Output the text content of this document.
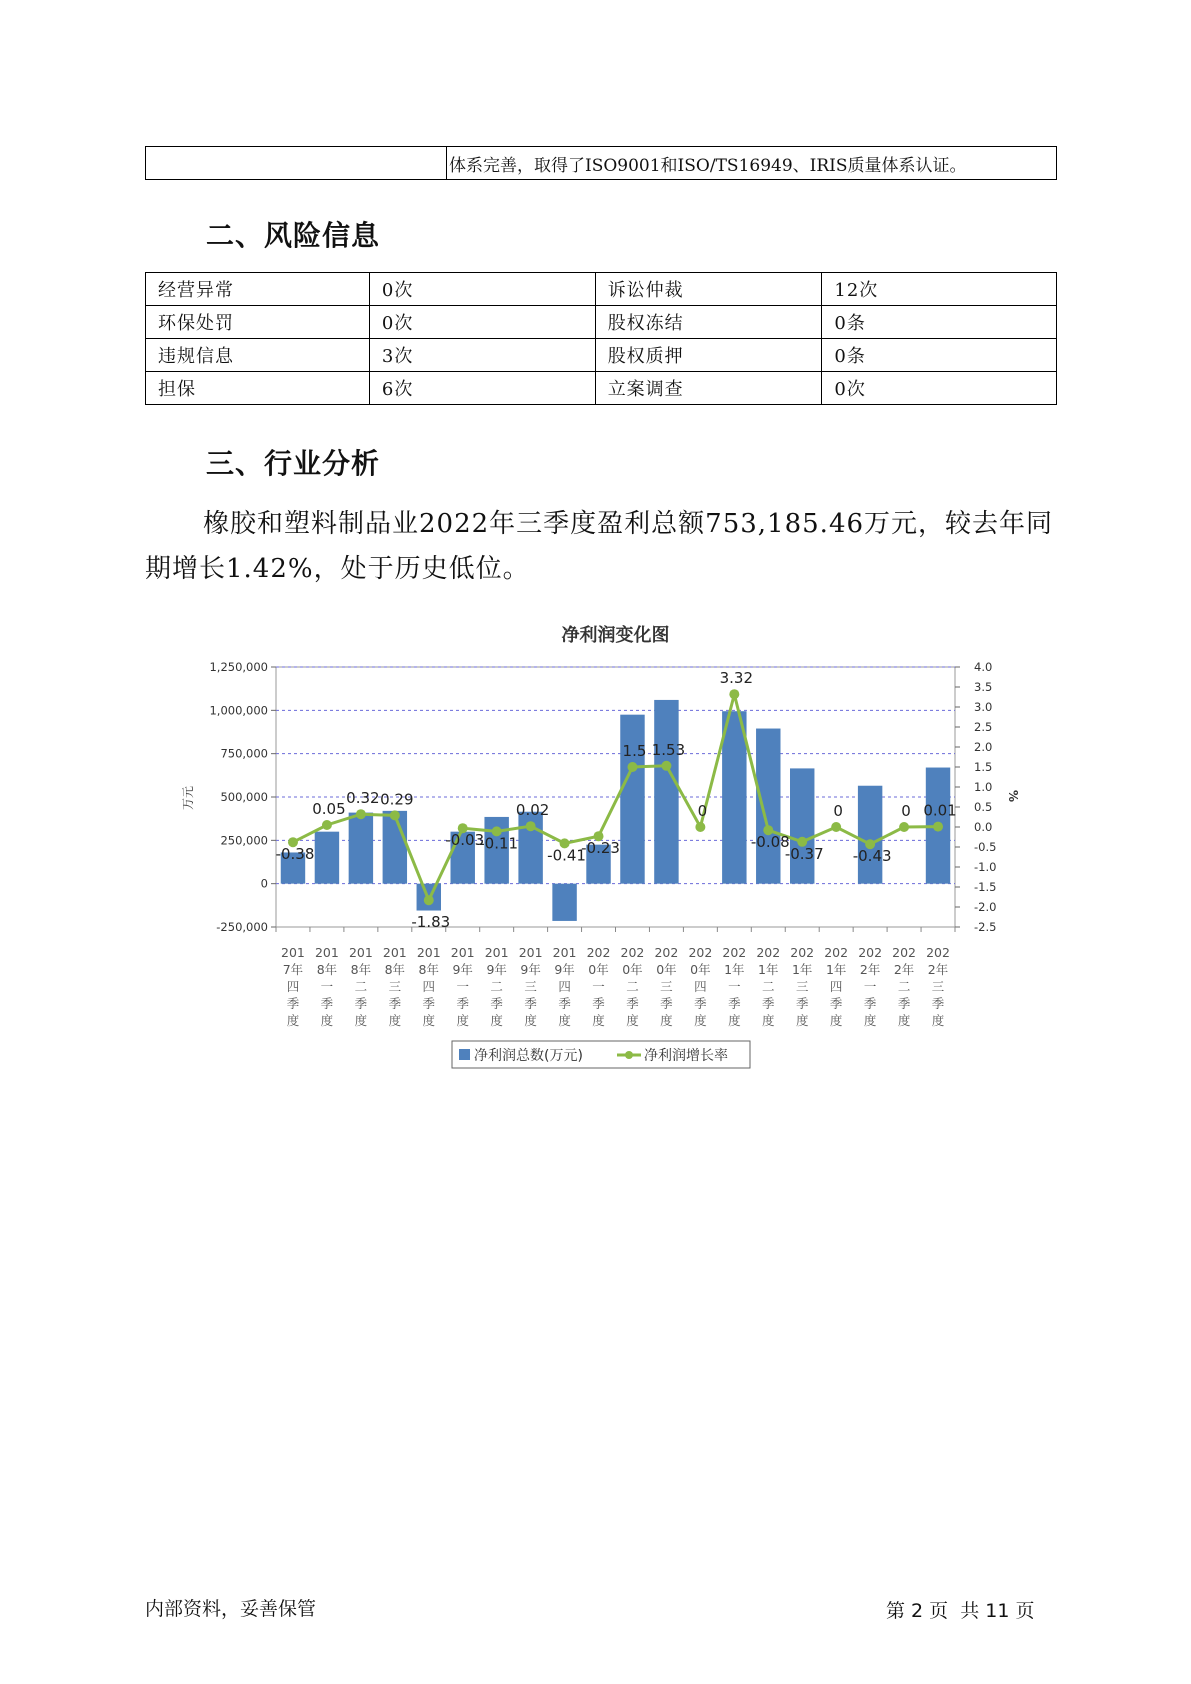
	体系完善，取得了ISO9001和ISO/TS16949、IRIS质量体系认证。
二、风险信息
经营异常	0次	诉讼仲裁	12次
环保处罚	0次	股权冻结	0条
违规信息	3次	股权质押	0条
担保	6次	立案调查	0次
三、行业分析
橡胶和塑料制品业2022年三季度盈利总额753,185.46万元，较去年同
期增长1.42%，处于历史低位。
净利润变化图
-250,000
0
250,000
500,000
750,000
1,000,000
1,250,000
万元
-2.5
-2.0
-1.5
-1.0
-0.5
0.0
0.5
1.0
1.5
2.0
2.5
3.0
3.5
4.0
%
201
7年
四
季
度
201
8年
一
季
度
201
8年
二
季
度
201
8年
三
季
度
201
8年
四
季
度
201
9年
一
季
度
201
9年
二
季
度
201
9年
三
季
度
201
9年
四
季
度
202
0年
一
季
度
202
0年
二
季
度
202
0年
三
季
度
202
0年
四
季
度
202
1年
一
季
度
202
1年
二
季
度
202
1年
三
季
度
202
1年
四
季
度
202
2年
一
季
度
202
2年
二
季
度
202
2年
三
季
度
-0.38
0.05
0.32 0.29
-1.83
-0.03
-0.11
0.02
-0.41
-0.23
1.5 1.53
0
3.32
-0.08
-0.37
0
-0.43
0 0.01
净利润总数(万元)	净利润增长率
内部资料，妥善保管	第 2 页  共 11 页
